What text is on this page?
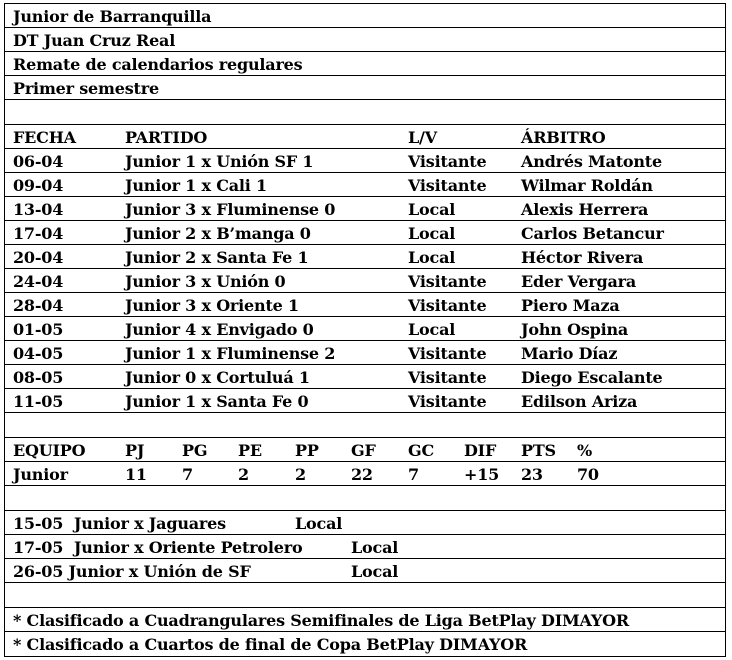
Junior de Barranquilla
DT Juan Cruz Real
Remate de calendarios regulares
Primer semestre
FECHA	PARTIDO	L/V	ÁRBITRO
06-04	Junior 1 x Unión SF 1	Visitante Andrés Matonte
09-04	Junior 1 x Cali 1	Visitante Wilmar Roldán
13-04	Junior 3 x Fluminense 0	Local	Alexis Herrera
17-04	Junior 2 x B’manga 0	Local	Carlos Betancur
20-04	Junior 2 x Santa Fe 1	Local	Héctor Rivera
24-04	Junior 3 x Unión 0	Visitante Eder Vergara
28-04	Junior 3 x Oriente 1	Visitante Piero Maza
01-05	Junior 4 x Envigado 0	Local	John Ospina
04-05	Junior 1 x Fluminense 2	Visitante Mario Díaz
08-05	Junior 0 x Cortuluá 1	Visitante Diego Escalante
11-05	Junior 1 x Santa Fe 0	Visitante Edilson Ariza
EQUIPO PJ PG PE PP GF GC DIF PTS %
Junior	11 7	2	2	22 7	+15 23 70
15-05  Junior x Jaguares	Local
17-05  Junior x Oriente Petrolero	Local
26-05 Junior x Unión de SF	Local
* Clasificado a Cuadrangulares Semifinales de Liga BetPlay DIMAYOR
* Clasificado a Cuartos de final de Copa BetPlay DIMAYOR
